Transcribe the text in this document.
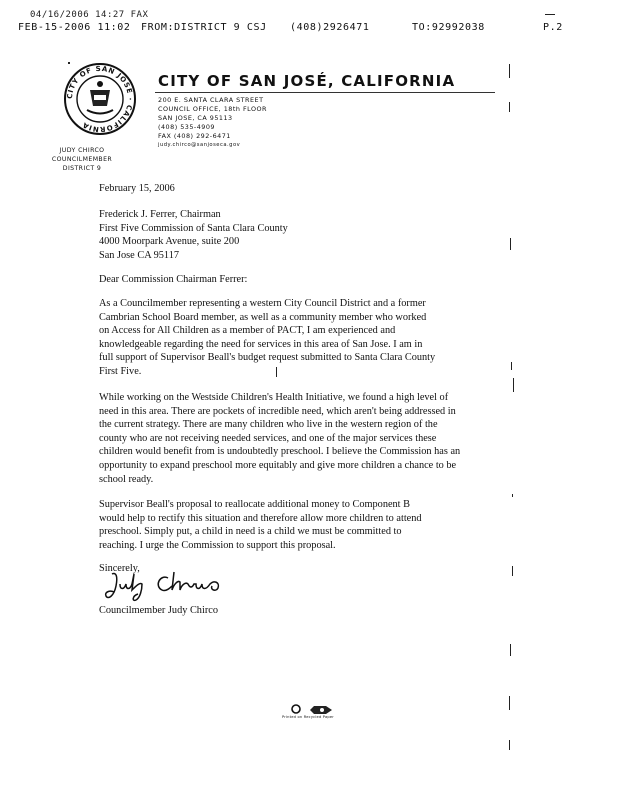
04/16/2006 14:27 FAX
FEB-15-2006 11:02 FROM:DISTRICT 9 CSJ (408)2926471	TO:92992038	P.2
CITY OF SAN JOSE · CALIFORNIA
CITY OF SAN JOSÉ, CALIFORNIA
200 E. SANTA CLARA STREET
COUNCIL OFFICE, 18th FLOOR
SAN JOSE, CA 95113
(408) 535-4909
FAX (408) 292-6471
judy.chirco@sanjoseca.gov
JUDY CHIRCO
COUNCILMEMBER
DISTRICT 9
February 15, 2006

Frederick J. Ferrer, Chairman

First Five Commission of Santa Clara County

4000 Moorpark Avenue, suite 200

San Jose CA 95117

Dear Commission Chairman Ferrer:

As a Councilmember representing a western City Council District and a former

Cambrian School Board member, as well as a community member who worked

on Access for All Children as a member of PACT, I am experienced and

knowledgeable regarding the need for services in this area of San Jose. I am in

full support of Supervisor Beall's budget request submitted to Santa Clara County

First Five.

While working on the Westside Children's Health Initiative, we found a high level of

need in this area. There are pockets of incredible need, which aren't being addressed in

the current strategy. There are many children who live in the western region of the

county who are not receiving needed services, and one of the major services these

children would benefit from is undoubtedly preschool. I believe the Commission has an

opportunity to expand preschool more equitably and give more children a chance to be

school ready.

Supervisor Beall's proposal to reallocate additional money to Component B

would help to rectify this situation and therefore allow more children to attend

preschool. Simply put, a child in need is a child we must be committed to

reaching. I urge the Commission to support this proposal.

Sincerely,
Councilmember Judy Chirco
Printed on Recycled Paper
